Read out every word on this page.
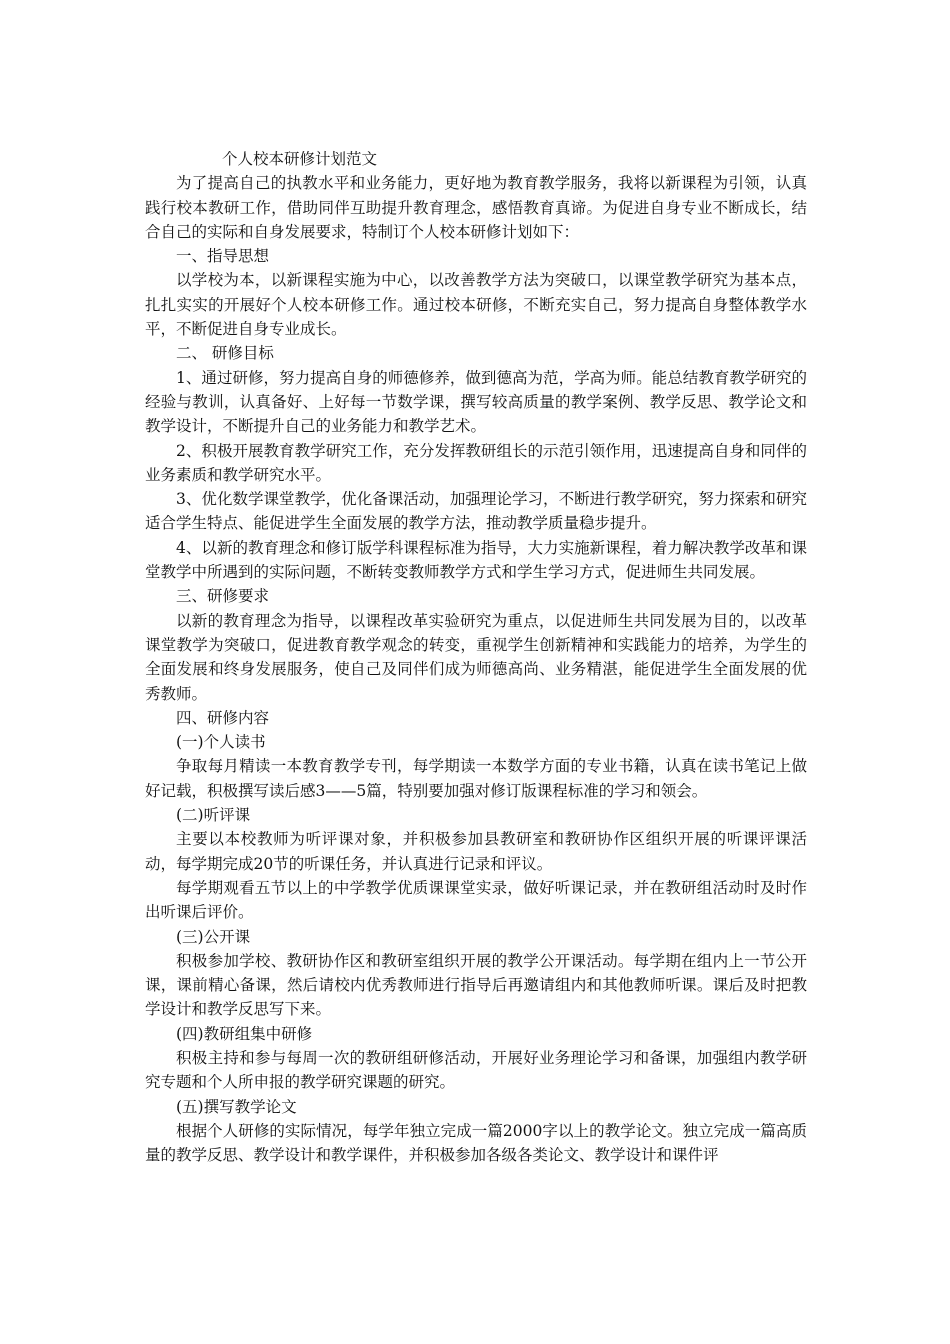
个人校本研修计划范文

为了提高自己的执教水平和业务能力，更好地为教育教学服务，我将以新课程为引领，认真践行校本教研工作，借助同伴互助提升教育理念，感悟教育真谛。为促进自身专业不断成长，结合自己的实际和自身发展要求，特制订个人校本研修计划如下：

一、指导思想

以学校为本，以新课程实施为中心，以改善教学方法为突破口，以课堂教学研究为基本点，扎扎实实的开展好个人校本研修工作。通过校本研修，不断充实自己，努力提高自身整体教学水平，不断促进自身专业成长。

二、 研修目标

1、通过研修，努力提高自身的师德修养，做到德高为范，学高为师。能总结教育教学研究的经验与教训，认真备好、上好每一节数学课，撰写较高质量的教学案例、教学反思、教学论文和教学设计，不断提升自己的业务能力和教学艺术。

2、积极开展教育教学研究工作，充分发挥教研组长的示范引领作用，迅速提高自身和同伴的业务素质和教学研究水平。

3、优化数学课堂教学，优化备课活动，加强理论学习，不断进行教学研究，努力探索和研究适合学生特点、能促进学生全面发展的教学方法，推动教学质量稳步提升。

4、以新的教育理念和修订版学科课程标准为指导，大力实施新课程，着力解决教学改革和课堂教学中所遇到的实际问题，不断转变教师教学方式和学生学习方式，促进师生共同发展。

三、研修要求

以新的教育理念为指导，以课程改革实验研究为重点，以促进师生共同发展为目的，以改革课堂教学为突破口，促进教育教学观念的转变，重视学生创新精神和实践能力的培养，为学生的全面发展和终身发展服务，使自己及同伴们成为师德高尚、业务精湛，能促进学生全面发展的优秀教师。

四、研修内容

(一)个人读书

争取每月精读一本教育教学专刊，每学期读一本数学方面的专业书籍，认真在读书笔记上做好记载，积极撰写读后感3——5篇，特别要加强对修订版课程标准的学习和领会。

(二)听评课

主要以本校教师为听评课对象，并积极参加县教研室和教研协作区组织开展的听课评课活动，每学期完成20节的听课任务，并认真进行记录和评议。

每学期观看五节以上的中学教学优质课课堂实录，做好听课记录，并在教研组活动时及时作出听课后评价。

(三)公开课

积极参加学校、教研协作区和教研室组织开展的教学公开课活动。每学期在组内上一节公开课，课前精心备课，然后请校内优秀教师进行指导后再邀请组内和其他教师听课。课后及时把教学设计和教学反思写下来。

(四)教研组集中研修

积极主持和参与每周一次的教研组研修活动，开展好业务理论学习和备课，加强组内教学研究专题和个人所申报的教学研究课题的研究。

(五)撰写教学论文

根据个人研修的实际情况，每学年独立完成一篇2000字以上的教学论文。独立完成一篇高质量的教学反思、教学设计和教学课件，并积极参加各级各类论文、教学设计和课件评
